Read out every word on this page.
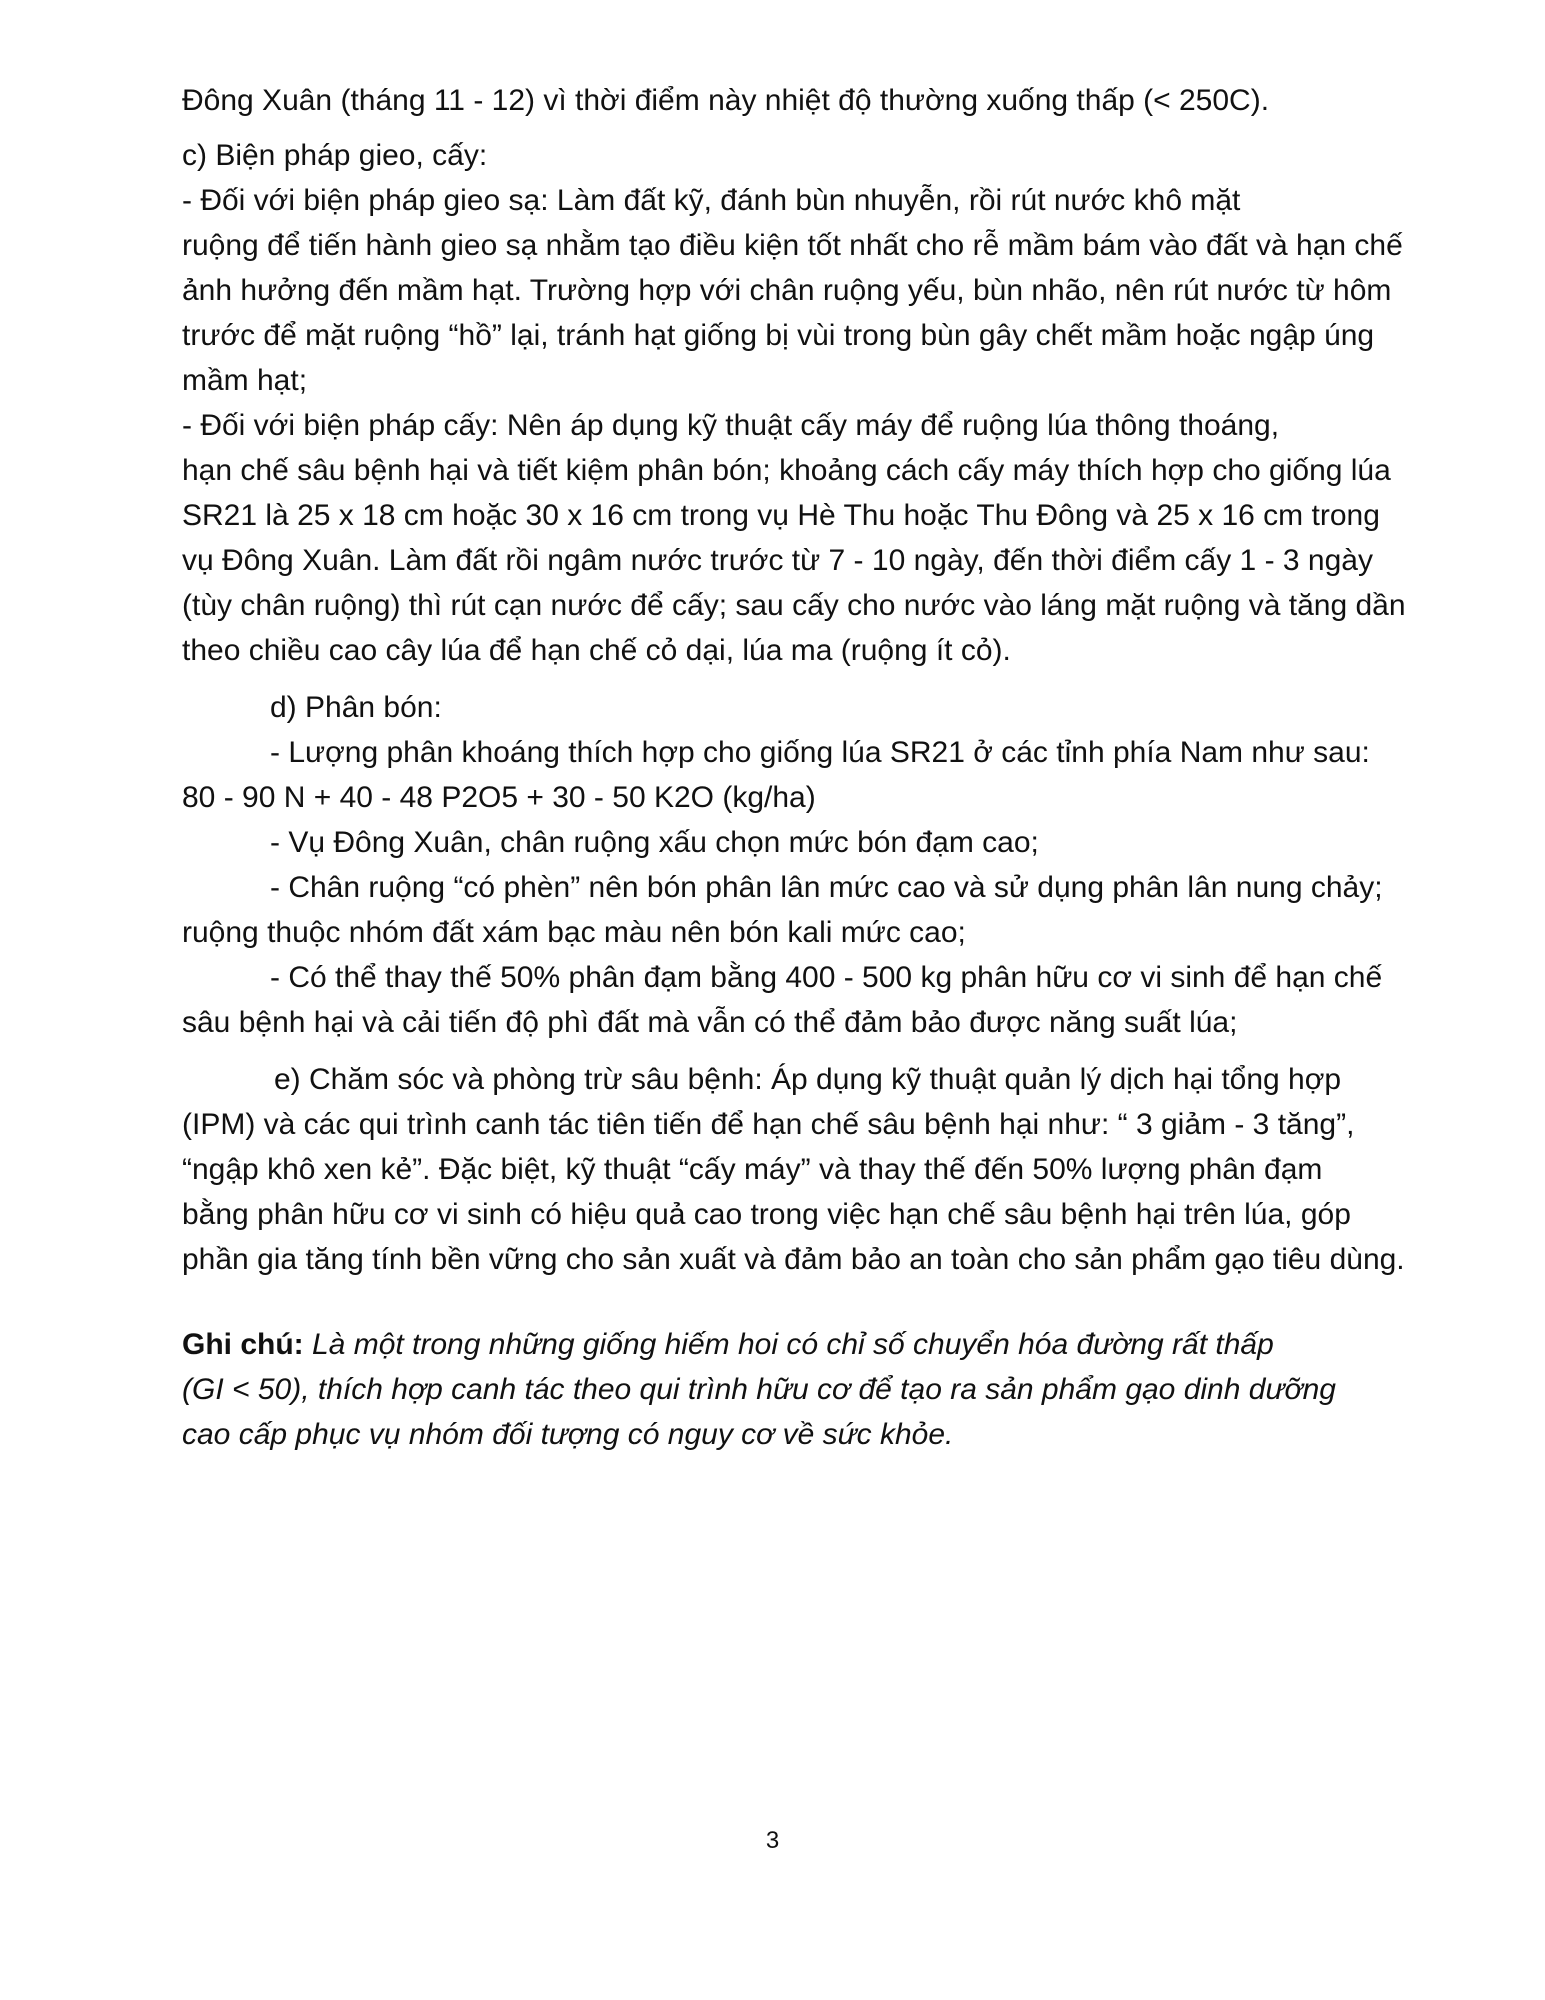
Đông Xuân (tháng 11 - 12) vì thời điểm này nhiệt độ thường xuống thấp (< 250C).

c) Biện pháp gieo, cấy:

- Đối với biện pháp gieo sạ: Làm đất kỹ, đánh bùn nhuyễn, rồi rút nước khô mặt

ruộng để tiến hành gieo sạ nhằm tạo điều kiện tốt nhất cho rễ mầm bám vào đất và hạn chế

ảnh hưởng đến mầm hạt. Trường hợp với chân ruộng yếu, bùn nhão, nên rút nước từ hôm

trước để mặt ruộng “hồ” lại, tránh hạt giống bị vùi trong bùn gây chết mầm hoặc ngập úng

mầm hạt;

- Đối với biện pháp cấy: Nên áp dụng kỹ thuật cấy máy để ruộng lúa thông thoáng,

hạn chế sâu bệnh hại và tiết kiệm phân bón; khoảng cách cấy máy thích hợp cho giống lúa

SR21 là 25 x 18 cm hoặc 30 x 16 cm trong vụ Hè Thu hoặc Thu Đông và 25 x 16 cm trong

vụ Đông Xuân. Làm đất rồi ngâm nước trước từ 7 - 10 ngày, đến thời điểm cấy 1 - 3 ngày

(tùy chân ruộng) thì rút cạn nước để cấy; sau cấy cho nước vào láng mặt ruộng và tăng dần

theo chiều cao cây lúa để hạn chế cỏ dại, lúa ma (ruộng ít cỏ).

d) Phân bón:

- Lượng phân khoáng thích hợp cho giống lúa SR21 ở các tỉnh phía Nam như sau:

80 - 90 N + 40 - 48 P2O5 + 30 - 50 K2O (kg/ha)

- Vụ Đông Xuân, chân ruộng xấu chọn mức bón đạm cao;

- Chân ruộng “có phèn” nên bón phân lân mức cao và sử dụng phân lân nung chảy;

ruộng thuộc nhóm đất xám bạc màu nên bón kali mức cao;

- Có thể thay thế 50% phân đạm bằng 400 - 500 kg phân hữu cơ vi sinh để hạn chế

sâu bệnh hại và cải tiến độ phì đất mà vẫn có thể đảm bảo được năng suất lúa;

e) Chăm sóc và phòng trừ sâu bệnh: Áp dụng kỹ thuật quản lý dịch hại tổng hợp

(IPM) và các qui trình canh tác tiên tiến để hạn chế sâu bệnh hại như: “ 3 giảm - 3 tăng”,

“ngập khô xen kẻ”. Đặc biệt, kỹ thuật “cấy máy” và thay thế đến 50% lượng phân đạm

bằng phân hữu cơ vi sinh có hiệu quả cao trong việc hạn chế sâu bệnh hại trên lúa, góp

phần gia tăng tính bền vững cho sản xuất và đảm bảo an toàn cho sản phẩm gạo tiêu dùng.

Ghi chú: Là một trong những giống hiếm hoi có chỉ số chuyển hóa đường rất thấp

(GI < 50), thích hợp canh tác theo qui trình hữu cơ để tạo ra sản phẩm gạo dinh dưỡng

cao cấp phục vụ nhóm đối tượng có nguy cơ về sức khỏe.

3
